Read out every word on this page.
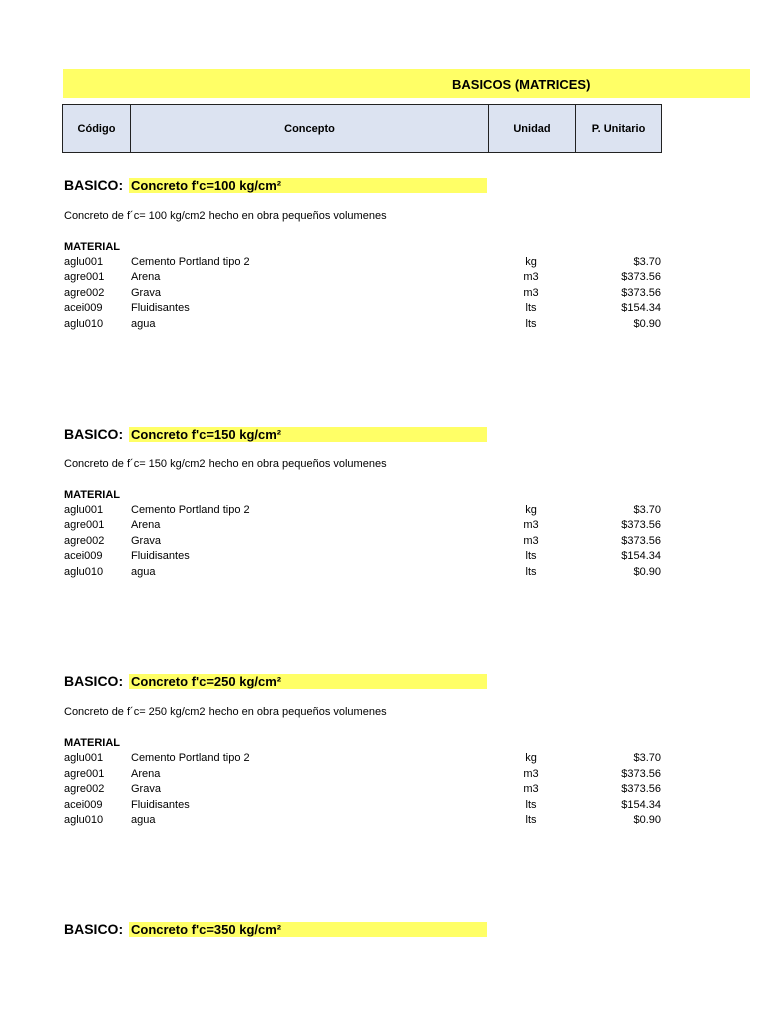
BASICOS (MATRICES)
Código	Concepto	Unidad	P. Unitario
BASICO: Concreto f'c=100 kg/cm²
Concreto de f´c= 100 kg/cm2 hecho en obra pequeños volumenes
MATERIAL
aglu001	Cemento Portland tipo 2	kg	$3.70
agre001 Arena	m3	$373.56
agre002 Grava	m3	$373.56
acei009	Fluidisantes	lts	$154.34
aglu010	agua	lts	$0.90
BASICO: Concreto f'c=150 kg/cm²
Concreto de f´c= 150 kg/cm2 hecho en obra pequeños volumenes
MATERIAL
aglu001	Cemento Portland tipo 2	kg	$3.70
agre001 Arena	m3	$373.56
agre002 Grava	m3	$373.56
acei009	Fluidisantes	lts	$154.34
aglu010	agua	lts	$0.90
BASICO: Concreto f'c=250 kg/cm²
Concreto de f´c= 250 kg/cm2 hecho en obra pequeños volumenes
MATERIAL
aglu001	Cemento Portland tipo 2	kg	$3.70
agre001 Arena	m3	$373.56
agre002 Grava	m3	$373.56
acei009	Fluidisantes	lts	$154.34
aglu010	agua	lts	$0.90
BASICO: Concreto f'c=350 kg/cm²
